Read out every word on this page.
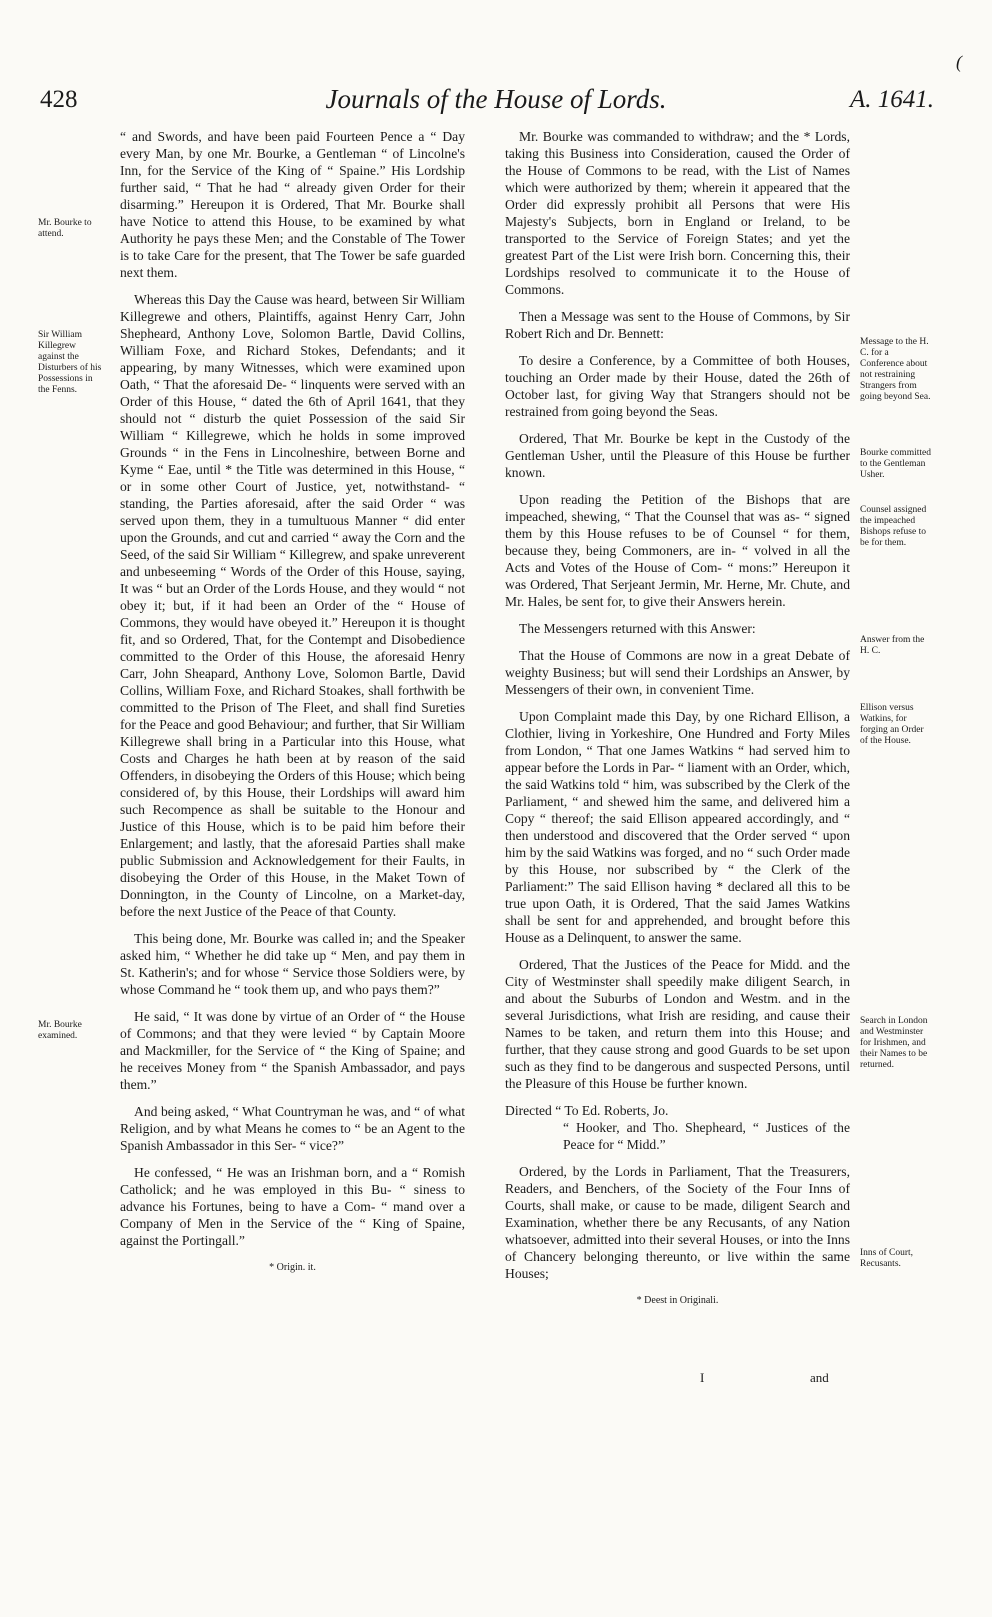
428	Journals of the House of Lords.	A. 1641.
(
Mr. Bourke to attend.
Sir William Killegrew against the Disturbers of his Possessions in the Fenns.
Mr. Bourke examined.
Message to the H. C. for a Conference about not restraining Strangers from going beyond Sea.
Bourke committed to the Gentleman Usher.
Counsel assigned the impeached Bishops refuse to be for them.
Answer from the H. C.
Ellison versus Watkins, for forging an Order of the House.
Search in London and Westminster for Irishmen, and their Names to be returned.
Inns of Court, Recusants.

“ and Swords, and have been paid Fourteen Pence a “ Day every Man, by one Mr. Bourke, a Gentleman “ of Lincolne's Inn, for the Service of the King of “ Spaine.” His Lordship further said, “ That he had “ already given Order for their disarming.” Hereupon it is Ordered, That Mr. Bourke shall have Notice to attend this House, to be examined by what Authority he pays these Men; and the Constable of The Tower is to take Care for the present, that The Tower be safe guarded next them.

Whereas this Day the Cause was heard, between Sir William Killegrewe and others, Plaintiffs, against Henry Carr, John Shepheard, Anthony Love, Solomon Bartle, David Collins, William Foxe, and Richard Stokes, Defendants; and it appearing, by many Witnesses, which were examined upon Oath, “ That the aforesaid De- “ linquents were served with an Order of this House, “ dated the 6th of April 1641, that they should not “ disturb the quiet Possession of the said Sir William “ Killegrewe, which he holds in some improved Grounds “ in the Fens in Lincolneshire, between Borne and Kyme “ Eae, until * the Title was determined in this House, “ or in some other Court of Justice, yet, notwithstand- “ standing, the Parties aforesaid, after the said Order “ was served upon them, they in a tumultuous Manner “ did enter upon the Grounds, and cut and carried “ away the Corn and the Seed, of the said Sir William “ Killegrew, and spake unreverent and unbeseeming “ Words of the Order of this House, saying, It was “ but an Order of the Lords House, and they would “ not obey it; but, if it had been an Order of the “ House of Commons, they would have obeyed it.” Hereupon it is thought fit, and so Ordered, That, for the Contempt and Disobedience committed to the Order of this House, the aforesaid Henry Carr, John Sheapard, Anthony Love, Solomon Bartle, David Collins, William Foxe, and Richard Stoakes, shall forthwith be committed to the Prison of The Fleet, and shall find Sureties for the Peace and good Behaviour; and further, that Sir William Killegrewe shall bring in a Particular into this House, what Costs and Charges he hath been at by reason of the said Offenders, in disobeying the Orders of this House; which being considered of, by this House, their Lordships will award him such Recompence as shall be suitable to the Honour and Justice of this House, which is to be paid him before their Enlargement; and lastly, that the aforesaid Parties shall make public Submission and Acknowledgement for their Faults, in disobeying the Order of this House, in the Maket Town of Donnington, in the County of Lincolne, on a Market-day, before the next Justice of the Peace of that County.

This being done, Mr. Bourke was called in; and the Speaker asked him, “ Whether he did take up “ Men, and pay them in St. Katherin's; and for whose “ Service those Soldiers were, by whose Command he “ took them up, and who pays them?”

He said, “ It was done by virtue of an Order of “ the House of Commons; and that they were levied “ by Captain Moore and Mackmiller, for the Service of “ the King of Spaine; and he receives Money from “ the Spanish Ambassador, and pays them.”

And being asked, “ What Countryman he was, and “ of what Religion, and by what Means he comes to “ be an Agent to the Spanish Ambassador in this Ser- “ vice?”

He confessed, “ He was an Irishman born, and a “ Romish Catholick; and he was employed in this Bu- “ siness to advance his Fortunes, being to have a Com- “ mand over a Company of Men in the Service of the “ King of Spaine, against the Portingall.”

* Origin. it.

Mr. Bourke was commanded to withdraw; and the * Lords, taking this Business into Consideration, caused the Order of the House of Commons to be read, with the List of Names which were authorized by them; wherein it appeared that the Order did expressly prohibit all Persons that were His Majesty's Subjects, born in England or Ireland, to be transported to the Service of Foreign States; and yet the greatest Part of the List were Irish born. Concerning this, their Lordships resolved to communicate it to the House of Commons.

Then a Message was sent to the House of Commons, by Sir Robert Rich and Dr. Bennett:

To desire a Conference, by a Committee of both Houses, touching an Order made by their House, dated the 26th of October last, for giving Way that Strangers should not be restrained from going beyond the Seas.

Ordered, That Mr. Bourke be kept in the Custody of the Gentleman Usher, until the Pleasure of this House be further known.

Upon reading the Petition of the Bishops that are impeached, shewing, “ That the Counsel that was as- “ signed them by this House refuses to be of Counsel “ for them, because they, being Commoners, are in- “ volved in all the Acts and Votes of the House of Com- “ mons:” Hereupon it was Ordered, That Serjeant Jermin, Mr. Herne, Mr. Chute, and Mr. Hales, be sent for, to give their Answers herein.

The Messengers returned with this Answer:

That the House of Commons are now in a great Debate of weighty Business; but will send their Lordships an Answer, by Messengers of their own, in convenient Time.

Upon Complaint made this Day, by one Richard Ellison, a Clothier, living in Yorkeshire, One Hundred and Forty Miles from London, “ That one James Watkins “ had served him to appear before the Lords in Par- “ liament with an Order, which, the said Watkins told “ him, was subscribed by the Clerk of the Parliament, “ and shewed him the same, and delivered him a Copy “ thereof; the said Ellison appeared accordingly, and “ then understood and discovered that the Order served “ upon him by the said Watkins was forged, and no “ such Order made by this House, nor subscribed by “ the Clerk of the Parliament:” The said Ellison having * declared all this to be true upon Oath, it is Ordered, That the said James Watkins shall be sent for and apprehended, and brought before this House as a Delinquent, to answer the same.

Ordered, That the Justices of the Peace for Midd. and the City of Westminster shall speedily make diligent Search, in and about the Suburbs of London and Westm. and in the several Jurisdictions, what Irish are residing, and cause their Names to be taken, and return them into this House; and further, that they cause strong and good Guards to be set upon such as they find to be dangerous and suspected Persons, until the Pleasure of this House be further known.

Directed “ To Ed. Roberts, Jo.

“ Hooker, and Tho. Shepheard, “ Justices of the Peace for “ Midd.”

Ordered, by the Lords in Parliament, That the Treasurers, Readers, and Benchers, of the Society of the Four Inns of Courts, shall make, or cause to be made, diligent Search and Examination, whether there be any Recusants, of any Nation whatsoever, admitted into their several Houses, or into the Inns of Chancery belonging thereunto, or live within the same Houses;

* Deest in Originali.
I	and
